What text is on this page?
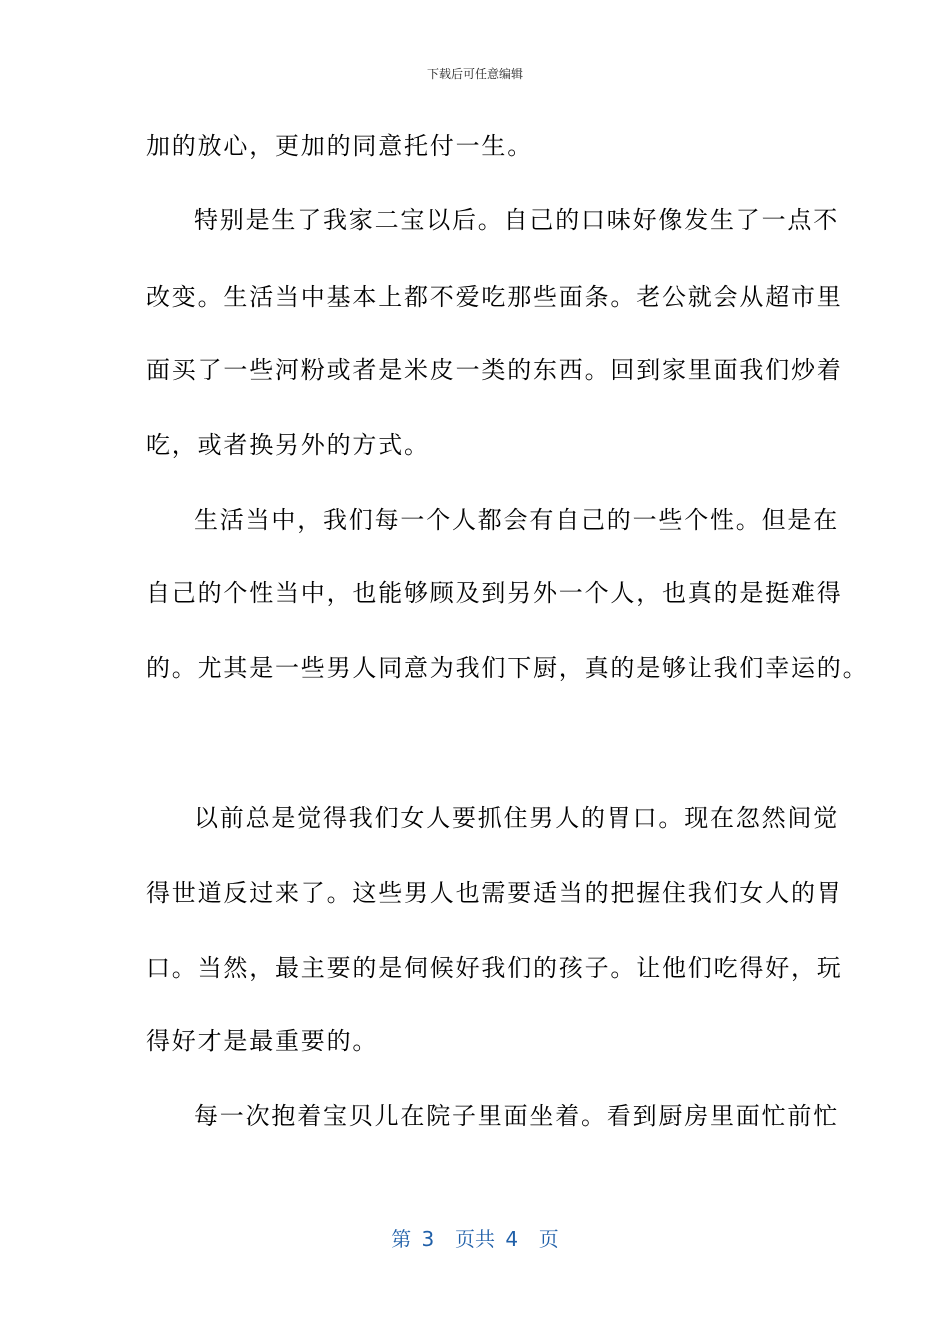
下载后可任意编辑

加的放心，更加的同意托付一生。

特别是生了我家二宝以后。自己的口味好像发生了一点不

改变。生活当中基本上都不爱吃那些面条。老公就会从超市里

面买了一些河粉或者是米皮一类的东西。回到家里面我们炒着

吃，或者换另外的方式。

生活当中，我们每一个人都会有自己的一些个性。但是在

自己的个性当中，也能够顾及到另外一个人，也真的是挺难得

的。尤其是一些男人同意为我们下厨，真的是够让我们幸运的。

以前总是觉得我们女人要抓住男人的胃口。现在忽然间觉

得世道反过来了。这些男人也需要适当的把握住我们女人的胃

口。当然，最主要的是伺候好我们的孩子。让他们吃得好，玩

得好才是最重要的。

每一次抱着宝贝儿在院子里面坐着。看到厨房里面忙前忙

第 3  页共 4  页
